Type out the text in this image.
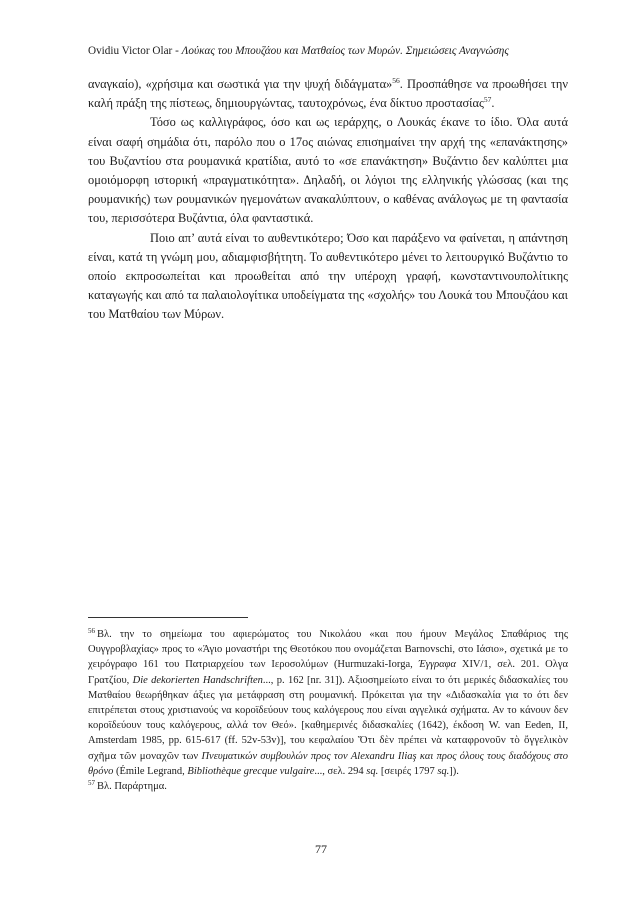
Ovidiu Victor Olar - Λούκας του Μπουζάου και Ματθαίος των Μυρών. Σημειώσεις Αναγνώσης

αναγκαίο), «χρήσιμα και σωστικά για την ψυχή διδάγματα»$^{56}$. Προσπάθησε να προωθήσει την καλή πράξη της πίστεως, δημιουργώντας, ταυτοχρόνως, ένα δίκτυο προστασίας$^{57}$.

Τόσο ως καλλιγράφος, όσο και ως ιεράρχης, ο Λουκάς έκανε το ίδιο. Όλα αυτά είναι σαφή σημάδια ότι, παρόλο που ο 17ος αιώνας επισημαίνει την αρχή της «επανάκτησης» του Βυζαντίου στα ρουμανικά κρατίδια, αυτό το «σε επανάκτηση» Βυζάντιο δεν καλύπτει μια ομοιόμορφη ιστορική «πραγματικότητα». Δηλαδή, οι λόγιοι της ελληνικής γλώσσας (και της ρουμανικής) των ρουμανικών ηγεμονάτων ανακαλύπτουν, ο καθένας ανάλογως με τη φαντασία του, περισσότερα Βυζάντια, όλα φανταστικά.

Ποιο απ’ αυτά είναι το αυθεντικότερο; Όσο και παράξενο να φαίνεται, η απάντηση είναι, κατά τη γνώμη μου, αδιαμφισβήτητη. Το αυθεντικότερο μένει το λειτουργικό Βυζάντιο το οποίο εκπροσωπείται και προωθείται από την υπέροχη γραφή, κωνσταντινουπολίτικης καταγωγής και από τα παλαιολογίτικα υποδείγματα της «σχολής» του Λουκά του Μπουζάου και του Ματθαίου των Μύρων.

$^{56}$ Βλ. την το σημείωμα του αφιερώματος του Νικολάου «και που ήμουν Μεγάλος Σπαθάριος της Ουγγροβλαχίας» προς το «Άγιο μοναστήρι της Θεοτόκου που ονομάζεται Barnovschi, στο Ιάσιο», σχετικά με το χειρόγραφο 161 του Πατριαρχείου των Ιεροσολύμων (Hurmuzaki-Iorga, Έγγραφα XIV/1, σελ. 201. Ολγα Γρατζίου, Die dekorierten Handschriften..., p. 162 [nr. 31]). Αξιοσημείωτο είναι το ότι μερικές διδασκαλίες του Ματθαίου θεωρήθηκαν άξιες για μετάφραση στη ρουμανική. Πρόκειται για την «Διδασκαλία για το ότι δεν επιτρέπεται στους χριστιανούς να κοροϊδεύουν τους καλόγερους που είναι αγγελικά σχήματα. Αν το κάνουν δεν κοροϊδεύουν τους καλόγερους, αλλά τον Θεό». [καθημερινές διδασκαλίες (1642), έκδοση W. van Eeden, II, Amsterdam 1985, pp. 615-617 (ff. 52v-53v)], του κεφαλαίου Ὅτι δὲν πρέπει νὰ καταφρονοῦν τὸ ὄγγελικὸν σχῆμα τῶν μοναχῶν των Πνευματικών συμβουλών προς τον Alexandru Iliaş και προς όλους τους διαδόχους στο θρόνο (Émile Legrand, Bibliothèque grecque vulgaire..., σελ. 294 sq. [σειρές 1797 sq.]).

$^{57}$ Βλ. Παράρτημα.

77
